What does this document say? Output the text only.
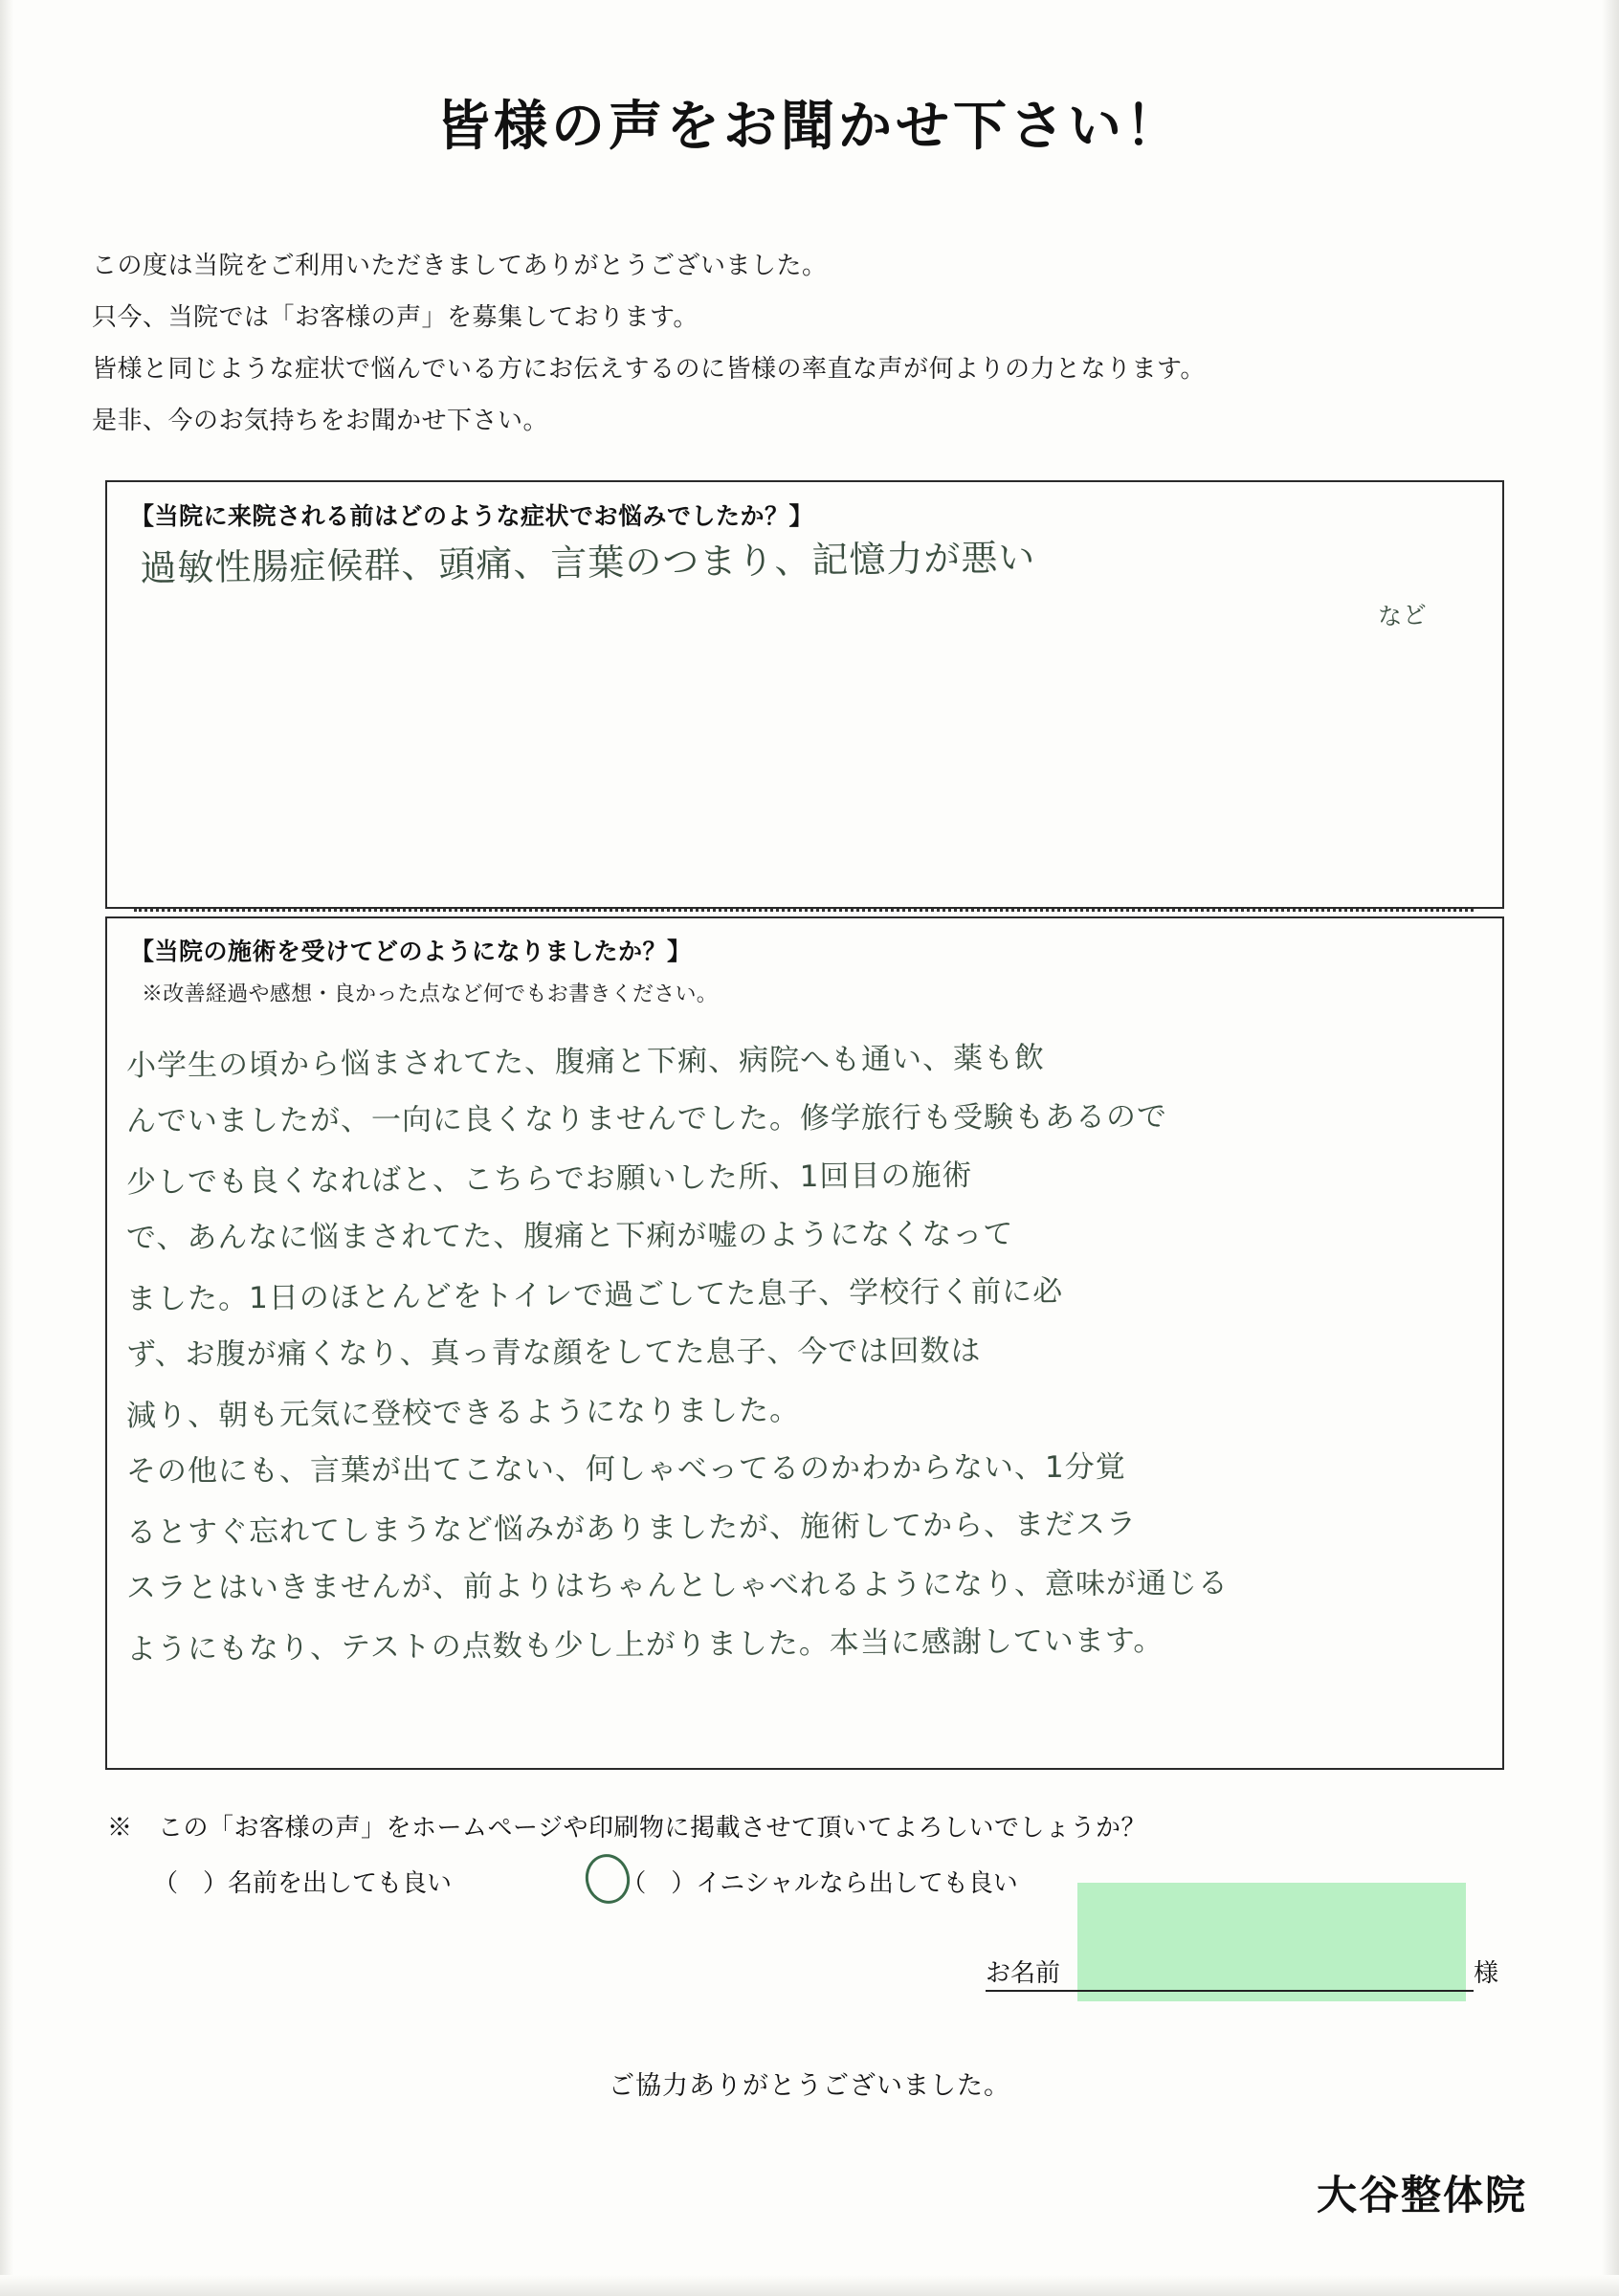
皆様の声をお聞かせ下さい！
この度は当院をご利用いただきましてありがとうございました。
只今、当院では「お客様の声」を募集しております。
皆様と同じような症状で悩んでいる方にお伝えするのに皆様の率直な声が何よりの力となります。
是非、今のお気持ちをお聞かせ下さい。
【当院に来院される前はどのような症状でお悩みでしたか？】
過敏性腸症候群、頭痛、言葉のつまり、記憶力が悪い
など
【当院の施術を受けてどのようになりましたか？】
※改善経過や感想・良かった点など何でもお書きください。
小学生の頃から悩まされてた、腹痛と下痢、病院へも通い、薬も飲
んでいましたが、一向に良くなりませんでした。修学旅行も受験もあるので
少しでも良くなればと、こちらでお願いした所、1回目の施術
で、あんなに悩まされてた、腹痛と下痢が嘘のようになくなって
ました。1日のほとんどをトイレで過ごしてた息子、学校行く前に必
ず、お腹が痛くなり、真っ青な顔をしてた息子、今では回数は
減り、朝も元気に登校できるようになりました。
その他にも、言葉が出てこない、何しゃべってるのかわからない、1分覚
るとすぐ忘れてしまうなど悩みがありましたが、施術してから、まだスラ
スラとはいきませんが、前よりはちゃんとしゃべれるようになり、意味が通じる
ようにもなり、テストの点数も少し上がりました。本当に感謝しています。
※　この「お客様の声」をホームページや印刷物に掲載させて頂いてよろしいでしょうか？
（　）名前を出しても良い	（　）イニシャルなら出しても良い
お名前	様
ご協力ありがとうございました。
大谷整体院
